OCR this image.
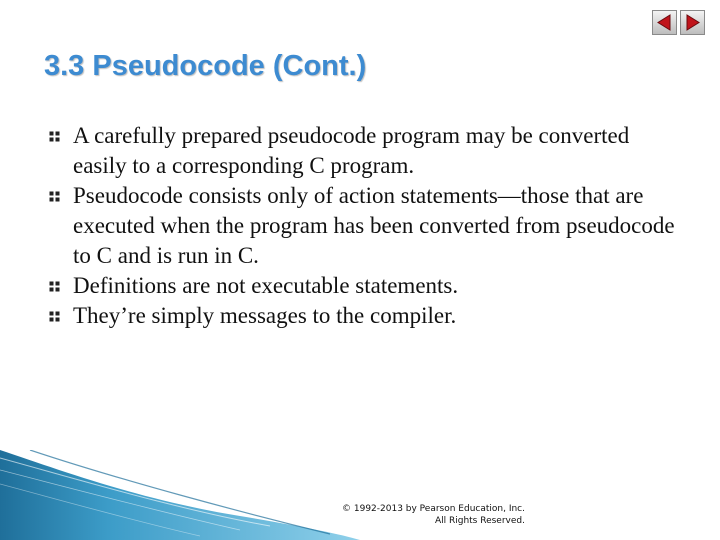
3.3 Pseudocode (Cont.)
A carefully prepared pseudocode program may be converted easily to a corresponding C program.
Pseudocode consists only of action statements—those that are executed when the program has been converted from pseudocode to C and is run in C.
Definitions are not executable statements.
They’re simply messages to the compiler.
© 1992-2013 by Pearson Education, Inc.
All Rights Reserved.
